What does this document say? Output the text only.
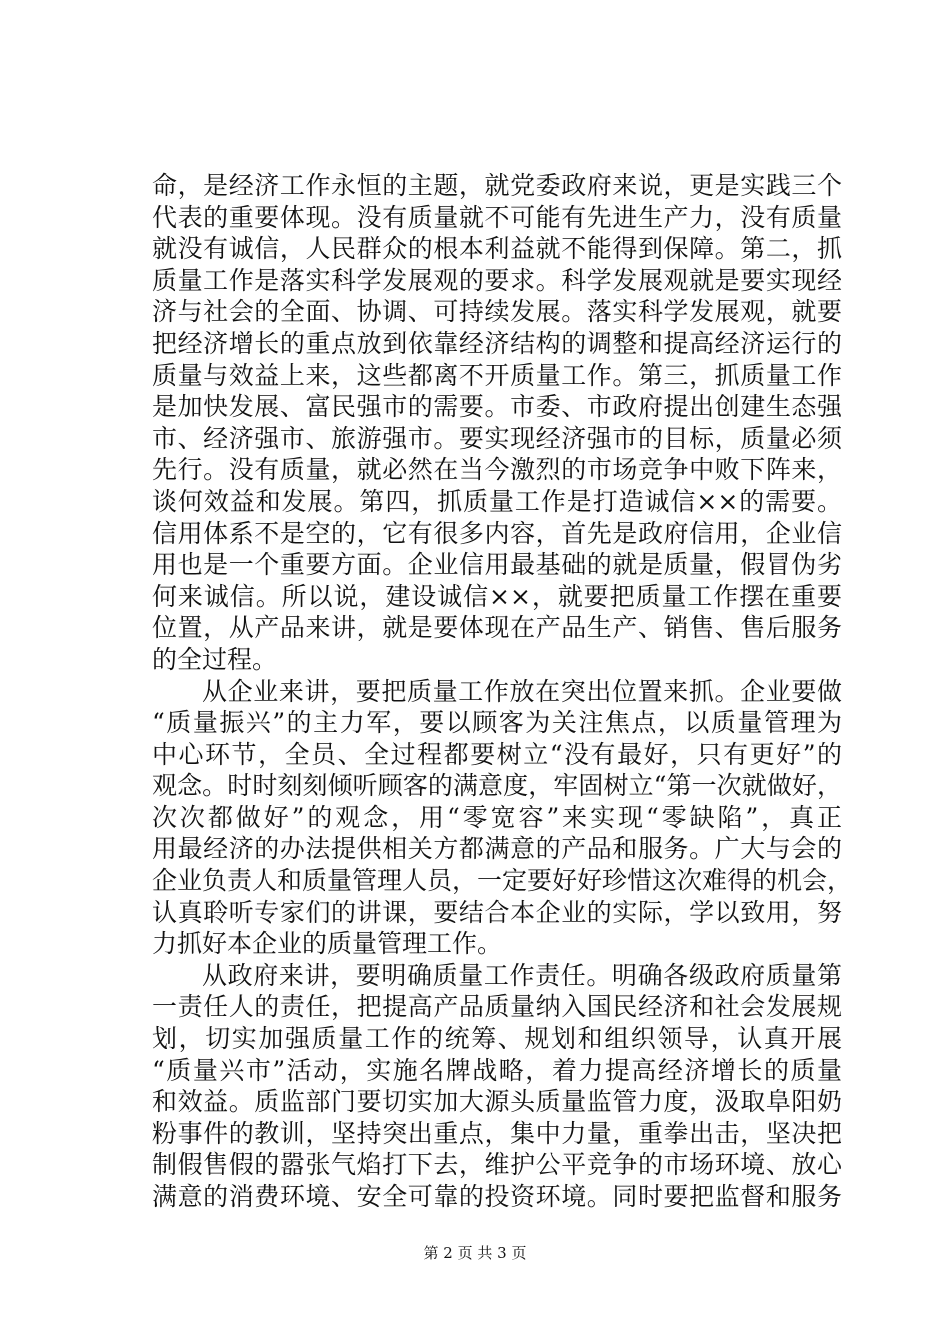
命，是经济工作永恒的主题，就党委政府来说，更是实践三个
代表的重要体现。没有质量就不可能有先进生产力，没有质量
就没有诚信，人民群众的根本利益就不能得到保障。第二，抓
质量工作是落实科学发展观的要求。科学发展观就是要实现经
济与社会的全面、协调、可持续发展。落实科学发展观，就要
把经济增长的重点放到依靠经济结构的调整和提高经济运行的
质量与效益上来，这些都离不开质量工作。第三，抓质量工作
是加快发展、富民强市的需要。市委、市政府提出创建生态强
市、经济强市、旅游强市。要实现经济强市的目标，质量必须
先行。没有质量，就必然在当今激烈的市场竞争中败下阵来，
谈何效益和发展。第四，抓质量工作是打造诚信××的需要。
信用体系不是空的，它有很多内容，首先是政府信用，企业信
用也是一个重要方面。企业信用最基础的就是质量，假冒伪劣
何来诚信。所以说，建设诚信××，就要把质量工作摆在重要
位置，从产品来讲，就是要体现在产品生产、销售、售后服务
的全过程。
从企业来讲，要把质量工作放在突出位置来抓。企业要做
“质量振兴”的主力军，要以顾客为关注焦点，以质量管理为
中心环节，全员、全过程都要树立“没有最好，只有更好”的
观念。时时刻刻倾听顾客的满意度，牢固树立“第一次就做好，
次次都做好”的观念，用“零宽容”来实现“零缺陷”，真正
用最经济的办法提供相关方都满意的产品和服务。广大与会的
企业负责人和质量管理人员，一定要好好珍惜这次难得的机会，
认真聆听专家们的讲课，要结合本企业的实际，学以致用，努
力抓好本企业的质量管理工作。
从政府来讲，要明确质量工作责任。明确各级政府质量第
一责任人的责任，把提高产品质量纳入国民经济和社会发展规
划，切实加强质量工作的统筹、规划和组织领导，认真开展
“质量兴市”活动，实施名牌战略，着力提高经济增长的质量
和效益。质监部门要切实加大源头质量监管力度，汲取阜阳奶
粉事件的教训，坚持突出重点，集中力量，重拳出击，坚决把
制假售假的嚣张气焰打下去，维护公平竞争的市场环境、放心
满意的消费环境、安全可靠的投资环境。同时要把监督和服务
第 2 页 共 3 页
